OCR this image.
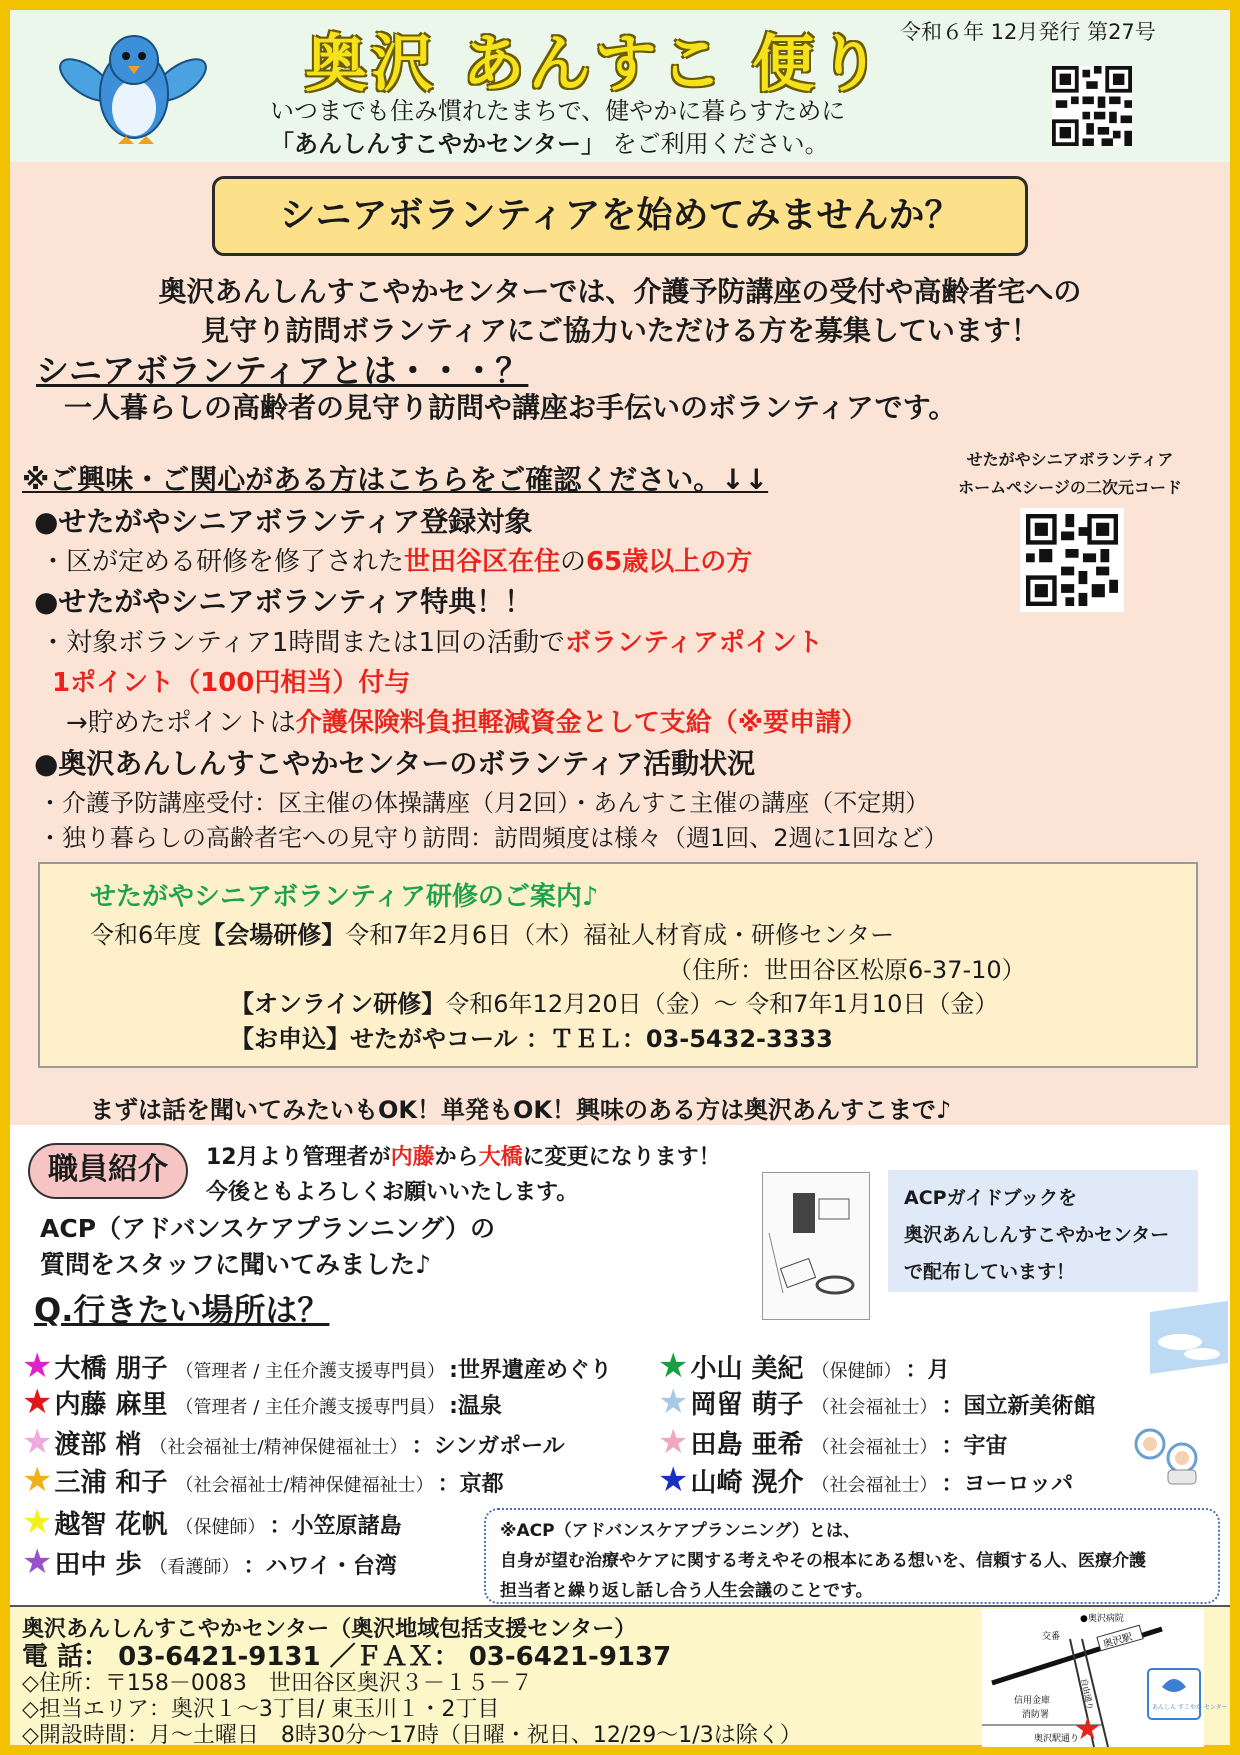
奥沢 あんすこ 便り 令和６年 12月発行 第27号
いつまでも住み慣れたまちで、健やかに暮らすために
「あんしんすこやかセンター」 をご利用ください。
シニアボランティアを始めてみませんか？
奥沢あんしんすこやかセンターでは、介護予防講座の受付や高齢者宅への
見守り訪問ボランティアにご協力いただける方を募集しています！
シニアボランティアとは・・・？
一人暮らしの高齢者の見守り訪問や講座お手伝いのボランティアです。
※ご興味・ご関心がある方はこちらをご確認ください。↓↓
せたがやシニアボランティア
ホームペシージの二次元コード
●せたがやシニアボランティア登録対象
・区が定める研修を修了された世田谷区在住の65歳以上の方
●せたがやシニアボランティア特典！！
・対象ボランティア1時間または1回の活動でボランティアポイント
1ポイント（100円相当）付与
→貯めたポイントは介護保険料負担軽減資金として支給（※要申請）
●奥沢あんしんすこやかセンターのボランティア活動状況
・介護予防講座受付：区主催の体操講座（月2回）・あんすこ主催の講座（不定期）
・独り暮らしの高齢者宅への見守り訪問：訪問頻度は様々（週1回、2週に1回など）
せたがやシニアボランティア研修のご案内♪
令和6年度【会場研修】令和7年2月6日（木）福祉人材育成・研修センター
（住所：世田谷区松原6-37-10）
【オンライン研修】令和6年12月20日（金）～ 令和7年1月10日（金）
【お申込】せたがやコール ：ＴＥＬ：03-5432-3333
まずは話を聞いてみたいもOK！単発もOK！興味のある方は奥沢あんすこまで♪
職員紹介	12月より管理者が内藤から大橋に変更になります！
今後ともよろしくお願いいたします。
ACP（アドバンスケアプランニング）の
質問をスタッフに聞いてみました♪
ACPガイドブックを
奥沢あんしんすこやかセンター
で配布しています！
Q.行きたい場所は？
★ 大橋 朋子 （管理者 / 主任介護支援専門員） :世界遺産めぐり
★ 内藤 麻里 （管理者 / 主任介護支援専門員） :温泉
★ 渡部 梢 （社会福祉士/精神保健福祉士） ：シンガポール
★ 三浦 和子 （社会福祉士/精神保健福祉士） ：京都
★ 越智 花帆 （保健師） ：小笠原諸島
★ 田中 歩 （看護師） ：ハワイ・台湾
★ 小山 美紀 （保健師） ：月
★ 岡留 萌子 （社会福祉士） ：国立新美術館
★ 田島 亜希 （社会福祉士） ：宇宙
★ 山崎 滉介 （社会福祉士） ：ヨーロッパ
※ACP（アドバンスケアプランニング）とは、
自身が望む治療やケアに関する考えやその根本にある想いを、信頼する人、医療介護
担当者と繰り返し話し合う人生会議のことです。
奥沢あんしんすこやかセンター（奥沢地域包括支援センター）
電 話： 03-6421-9131 ／ＦＡＸ： 03-6421-9137
◇住所：〒158－0083　世田谷区奥沢３－１５－７
◇担当エリア：奥沢１～3丁目/ 東玉川１・2丁目
◇開設時間：月～土曜日　8時30分～17時（日曜・祝日、12/29～1/3は除く）
奥沢駅
●奥沢病院
交番
信用金庫
消防署
奥沢駅通り
自由通り
★
あんしん すこやか センター
